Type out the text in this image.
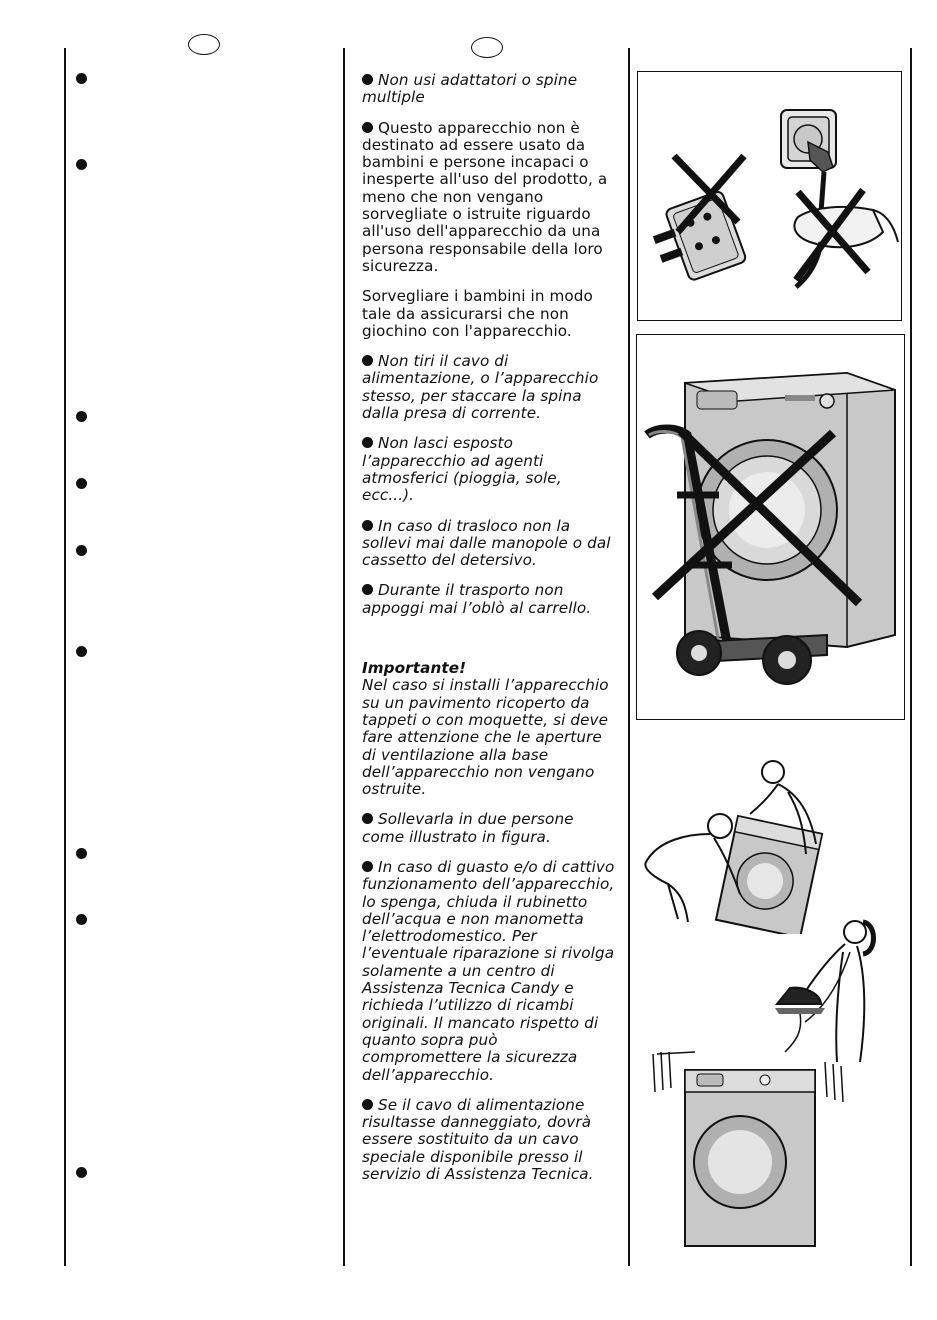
Non usi adattatori o spine multiple

Questo apparecchio non è destinato ad essere usato da bambini e persone incapaci o inesperte all'uso del prodotto, a meno che non vengano sorvegliate o istruite riguardo all'uso dell'apparecchio da una persona responsabile della loro sicurezza.

Sorvegliare i bambini in modo tale da assicurarsi che non giochino con l'apparecchio.

Non tiri il cavo di alimentazione, o l’apparecchio stesso, per staccare la spina dalla presa di corrente.

Non lasci esposto l’apparecchio ad agenti atmosferici (pioggia, sole, ecc...).

In caso di trasloco non la sollevi mai dalle manopole o dal cassetto del detersivo.

Durante il trasporto non appoggi mai l’oblò al carrello.

Importante!
Nel caso si installi l’apparecchio su un pavimento ricoperto da tappeti o con moquette, si deve fare attenzione che le aperture di ventilazione alla base dell’apparecchio non vengano ostruite.

Sollevarla in due persone come illustrato in figura.

In caso di guasto e/o di cattivo funzionamento dell’apparecchio, lo spenga, chiuda il rubinetto dell’acqua e non manometta l’elettrodomestico. Per l’eventuale riparazione si rivolga solamente a un centro di Assistenza Tecnica Candy e richieda l’utilizzo di ricambi originali. Il mancato rispetto di quanto sopra può compromettere la sicurezza dell’apparecchio.

Se il cavo di alimentazione risultasse danneggiato, dovrà essere sostituito da un cavo speciale disponibile presso il servizio di Assistenza Tecnica.
